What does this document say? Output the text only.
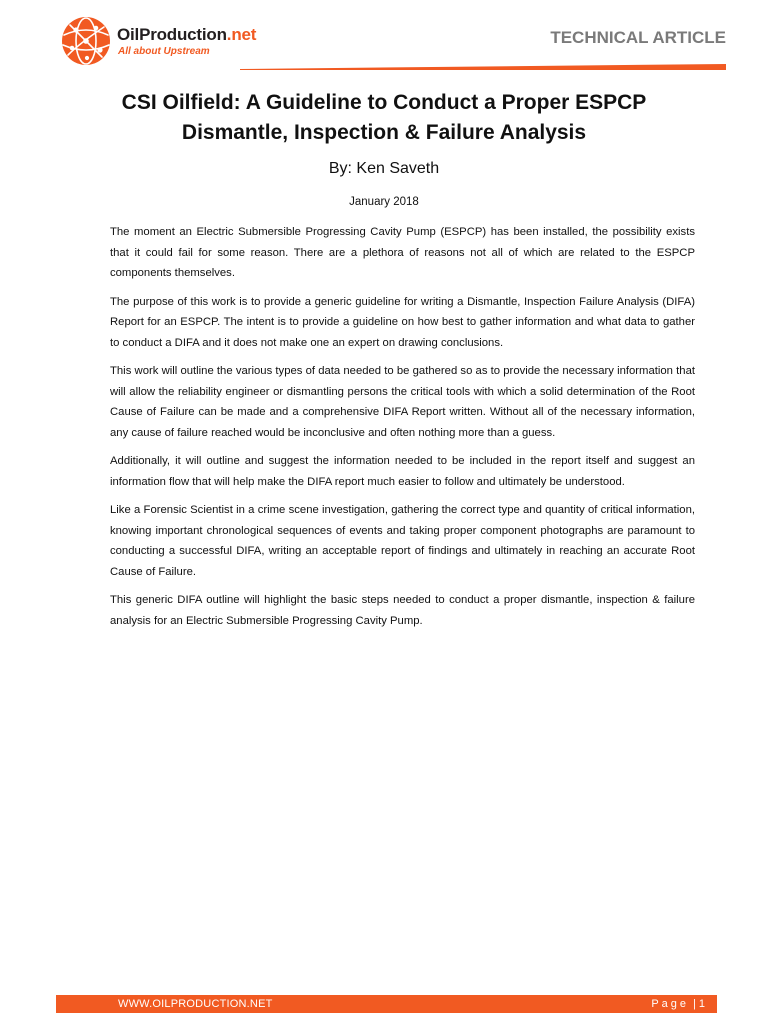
OilProduction.net
All about Upstream
TECHNICAL ARTICLE
CSI Oilfield: A Guideline to Conduct a Proper ESPCP Dismantle, Inspection & Failure Analysis
By: Ken Saveth
January 2018

The moment an Electric Submersible Progressing Cavity Pump (ESPCP) has been installed, the possibility exists that it could fail for some reason. There are a plethora of reasons not all of which are related to the ESPCP components themselves.

The purpose of this work is to provide a generic guideline for writing a Dismantle, Inspection Failure Analysis (DIFA) Report for an ESPCP. The intent is to provide a guideline on how best to gather information and what data to gather to conduct a DIFA and it does not make one an expert on drawing conclusions.

This work will outline the various types of data needed to be gathered so as to provide the necessary information that will allow the reliability engineer or dismantling persons the critical tools with which a solid determination of the Root Cause of Failure can be made and a comprehensive DIFA Report written. Without all of the necessary information, any cause of failure reached would be inconclusive and often nothing more than a guess.

Additionally, it will outline and suggest the information needed to be included in the report itself and suggest an information flow that will help make the DIFA report much easier to follow and ultimately be understood.

Like a Forensic Scientist in a crime scene investigation, gathering the correct type and quantity of critical information, knowing important chronological sequences of events and taking proper component photographs are paramount to conducting a successful DIFA, writing an acceptable report of findings and ultimately in reaching an accurate Root Cause of Failure.

This generic DIFA outline will highlight the basic steps needed to conduct a proper dismantle, inspection & failure analysis for an Electric Submersible Progressing Cavity Pump.

WWW.OILPRODUCTION.NET	Page | 1
